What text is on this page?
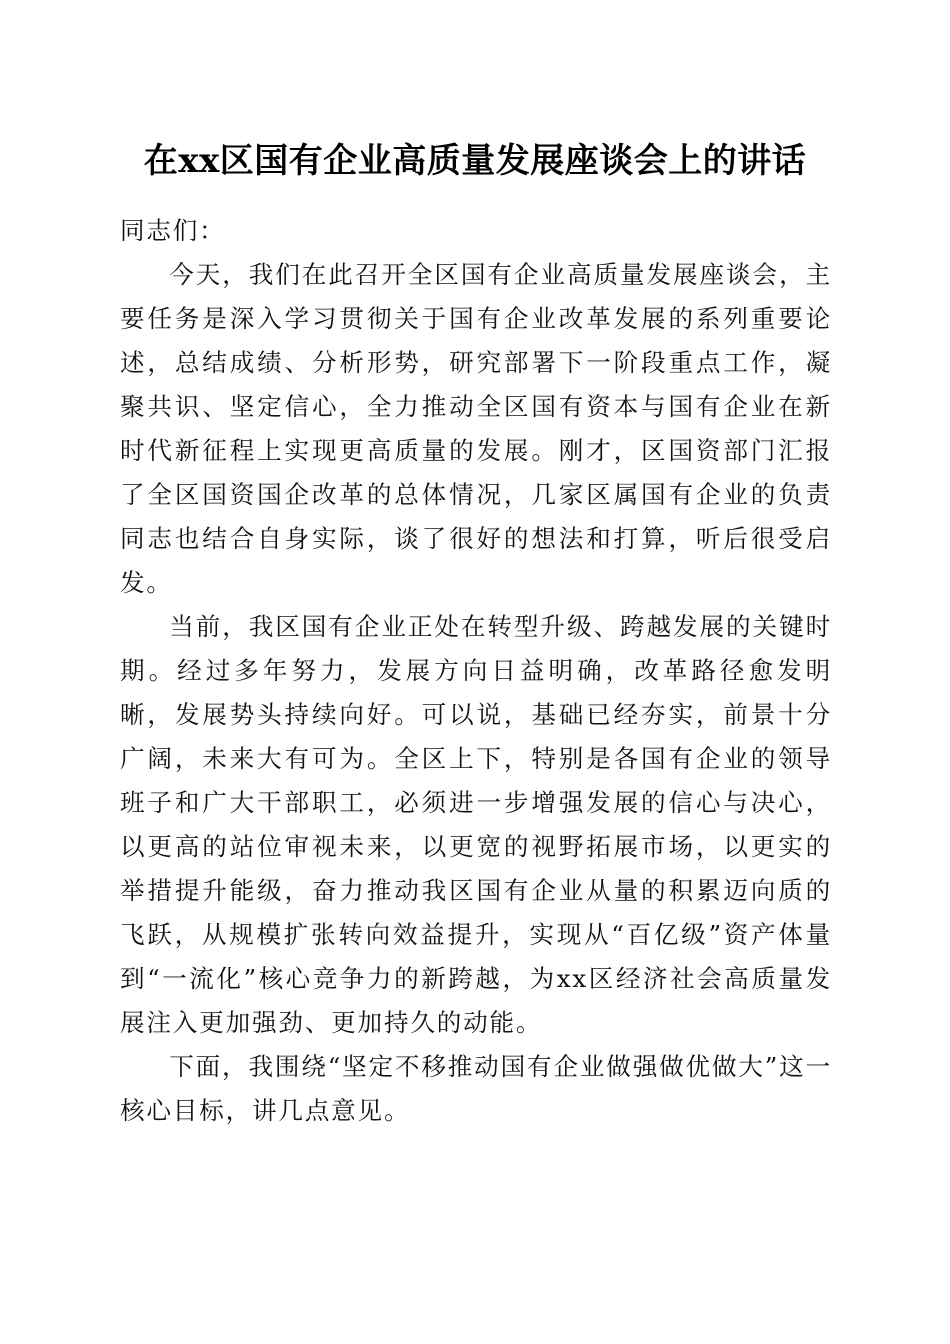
在xx区国有企业高质量发展座谈会上的讲话

同志们：

今天，我们在此召开全区国有企业高质量发展座谈会，主要任务是深入学习贯彻关于国有企业改革发展的系列重要论述，总结成绩、分析形势，研究部署下一阶段重点工作，凝聚共识、坚定信心，全力推动全区国有资本与国有企业在新时代新征程上实现更高质量的发展。刚才，区国资部门汇报了全区国资国企改革的总体情况，几家区属国有企业的负责同志也结合自身实际，谈了很好的想法和打算，听后很受启发。

当前，我区国有企业正处在转型升级、跨越发展的关键时期。经过多年努力，发展方向日益明确，改革路径愈发明晰，发展势头持续向好。可以说，基础已经夯实，前景十分广阔，未来大有可为。全区上下，特别是各国有企业的领导班子和广大干部职工，必须进一步增强发展的信心与决心，以更高的站位审视未来，以更宽的视野拓展市场，以更实的举措提升能级，奋力推动我区国有企业从量的积累迈向质的飞跃，从规模扩张转向效益提升，实现从“百亿级”资产体量到“一流化”核心竞争力的新跨越，为xx区经济社会高质量发展注入更加强劲、更加持久的动能。

下面，我围绕“坚定不移推动国有企业做强做优做大”这一核心目标，讲几点意见。
